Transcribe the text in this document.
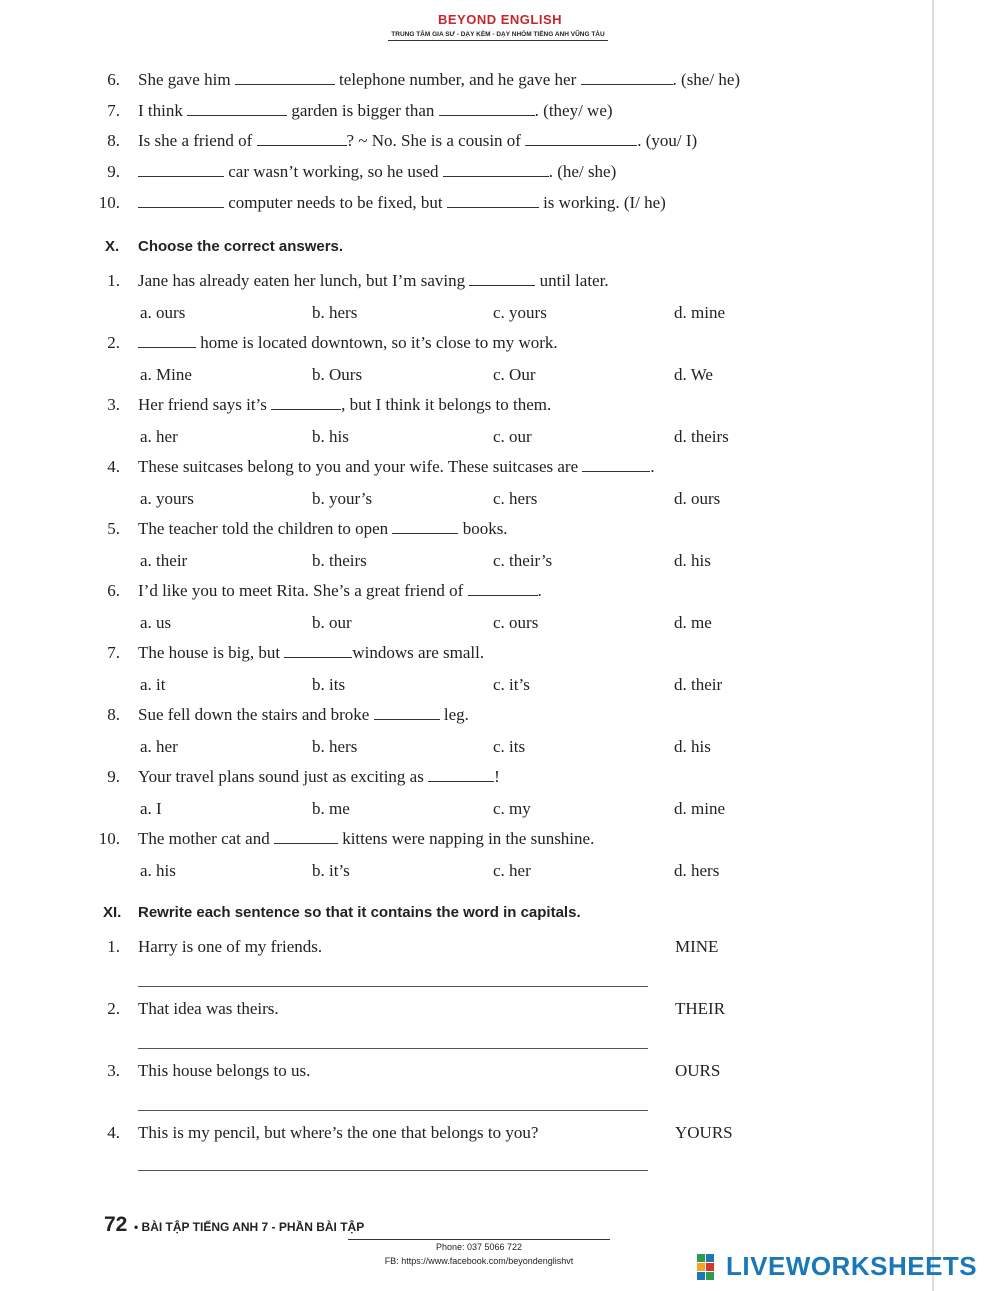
BEYOND ENGLISH
TRUNG TÂM GIA SƯ - DẠY KÈM - DẠY NHÓM TIẾNG ANH VŨNG TÀU
6. She gave him	telephone number, and he gave her	. (she/ he)
7. I think	garden is bigger than	. (they/ we)
8. Is she a friend of	? ~ No. She is a cousin of	. (you/ I)
9.	car wasn’t working, so he used	. (he/ she)
10.	computer needs to be fixed, but	is working. (I/ he)
X. Choose the correct answers.
1. Jane has already eaten her lunch, but I’m saving	until later.
a. ours	b. hers	c. yours	d. mine
2.	home is located downtown, so it’s close to my work.
a. Mine	b. Ours	c. Our	d. We
3. Her friend says it’s	, but I think it belongs to them.
a. her	b. his	c. our	d. theirs
4. These suitcases belong to you and your wife. These suitcases are	.
a. yours	b. your’s	c. hers	d. ours
5. The teacher told the children to open	books.
a. their	b. theirs	c. their’s	d. his
6. I’d like you to meet Rita. She’s a great friend of	.
a. us	b. our	c. ours	d. me
7. The house is big, but	windows are small.
a. it	b. its	c. it’s	d. their
8. Sue fell down the stairs and broke	leg.
a. her	b. hers	c. its	d. his
9. Your travel plans sound just as exciting as	!
a. I	b. me	c. my	d. mine
10. The mother cat and	kittens were napping in the sunshine.
a. his	b. it’s	c. her	d. hers
XI. Rewrite each sentence so that it contains the word in capitals.
1. Harry is one of my friends.	MINE
2. That idea was theirs.	THEIR
3. This house belongs to us.	OURS
4. This is my pencil, but where’s the one that belongs to you?	YOURS
72 • BÀI TẬP TIẾNG ANH 7 - PHẦN BÀI TẬP
Phone: 037 5066 722
FB: https://www.facebook.com/beyondenglishvt	LIVEWORKSHEETS
